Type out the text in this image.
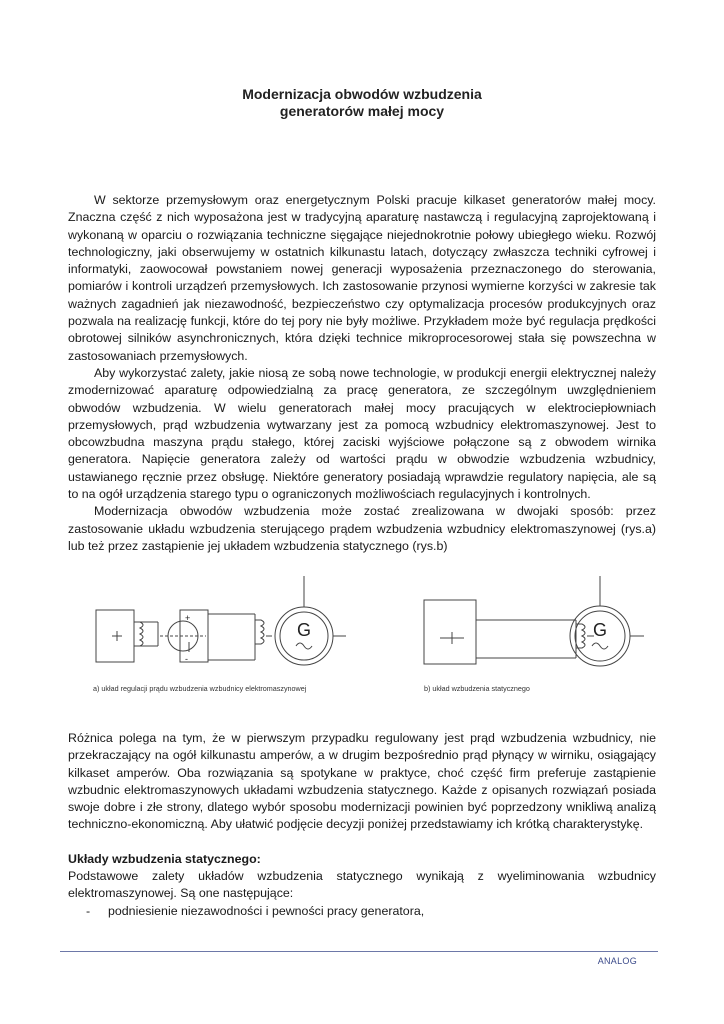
Modernizacja obwodów wzbudzenia
generatorów małej mocy

W sektorze przemysłowym oraz energetycznym Polski pracuje kilkaset generatorów małej mocy. Znaczna część z nich wyposażona jest w tradycyjną aparaturę nastawczą i regulacyjną zaprojektowaną i wykonaną w oparciu o rozwiązania techniczne sięgające niejednokrotnie połowy ubiegłego wieku. Rozwój technologiczny, jaki obserwujemy w ostatnich kilkunastu latach, dotyczący zwłaszcza techniki cyfrowej i informatyki, zaowocował powstaniem nowej generacji wyposażenia przeznaczonego do sterowania, pomiarów i kontroli urządzeń przemysłowych. Ich zastosowanie przynosi wymierne korzyści w zakresie tak ważnych zagadnień jak niezawodność, bezpieczeństwo czy optymalizacja procesów produkcyjnych oraz pozwala na realizację funkcji, które do tej pory nie były możliwe. Przykładem może być regulacja prędkości obrotowej silników asynchronicznych, która dzięki technice mikroprocesorowej stała się powszechna w zastosowaniach przemysłowych.

Aby wykorzystać zalety, jakie niosą ze sobą nowe technologie, w produkcji energii elektrycznej należy zmodernizować aparaturę odpowiedzialną za pracę generatora, ze szczególnym uwzględnieniem obwodów wzbudzenia. W wielu generatorach małej mocy pracujących w elektrociepłowniach przemysłowych, prąd wzbudzenia wytwarzany jest za pomocą wzbudnicy elektromaszynowej. Jest to obcowzbudna maszyna prądu stałego, której zaciski wyjściowe połączone są z obwodem wirnika generatora. Napięcie generatora zależy od wartości prądu w obwodzie wzbudzenia wzbudnicy, ustawianego ręcznie przez obsługę. Niektóre generatory posiadają wprawdzie regulatory napięcia, ale są to na ogół urządzenia starego typu o ograniczonych możliwościach regulacyjnych i kontrolnych.

Modernizacja obwodów wzbudzenia może zostać zrealizowana w dwojaki sposób: przez zastosowanie układu wzbudzenia sterującego prądem wzbudzenia wzbudnicy elektromaszynowej (rys.a) lub też przez zastąpienie jej układem wzbudzenia statycznego (rys.b)

G	G
+
-
a) układ regulacji prądu wzbudzenia wzbudnicy elektromaszynowej	b) układ wzbudzenia statycznego

Różnica polega na tym, że w pierwszym przypadku regulowany jest prąd wzbudzenia wzbudnicy, nie przekraczający na ogół kilkunastu amperów, a w drugim bezpośrednio prąd płynący w wirniku, osiągający kilkaset amperów. Oba rozwiązania są spotykane w praktyce, choć część firm preferuje zastąpienie wzbudnic elektromaszynowych układami wzbudzenia statycznego. Każde z opisanych rozwiązań posiada swoje dobre i złe strony, dlatego wybór sposobu modernizacji powinien być poprzedzony wnikliwą analizą techniczno-ekonomiczną. Aby ułatwić podjęcie decyzji poniżej przedstawiamy ich krótką charakterystykę.

Układy wzbudzenia statycznego:

Podstawowe zalety układów wzbudzenia statycznego wynikają z wyeliminowania wzbudnicy elektromaszynowej. Są one następujące:

-	podniesienie niezawodności i pewności pracy generatora,
ANALOG
